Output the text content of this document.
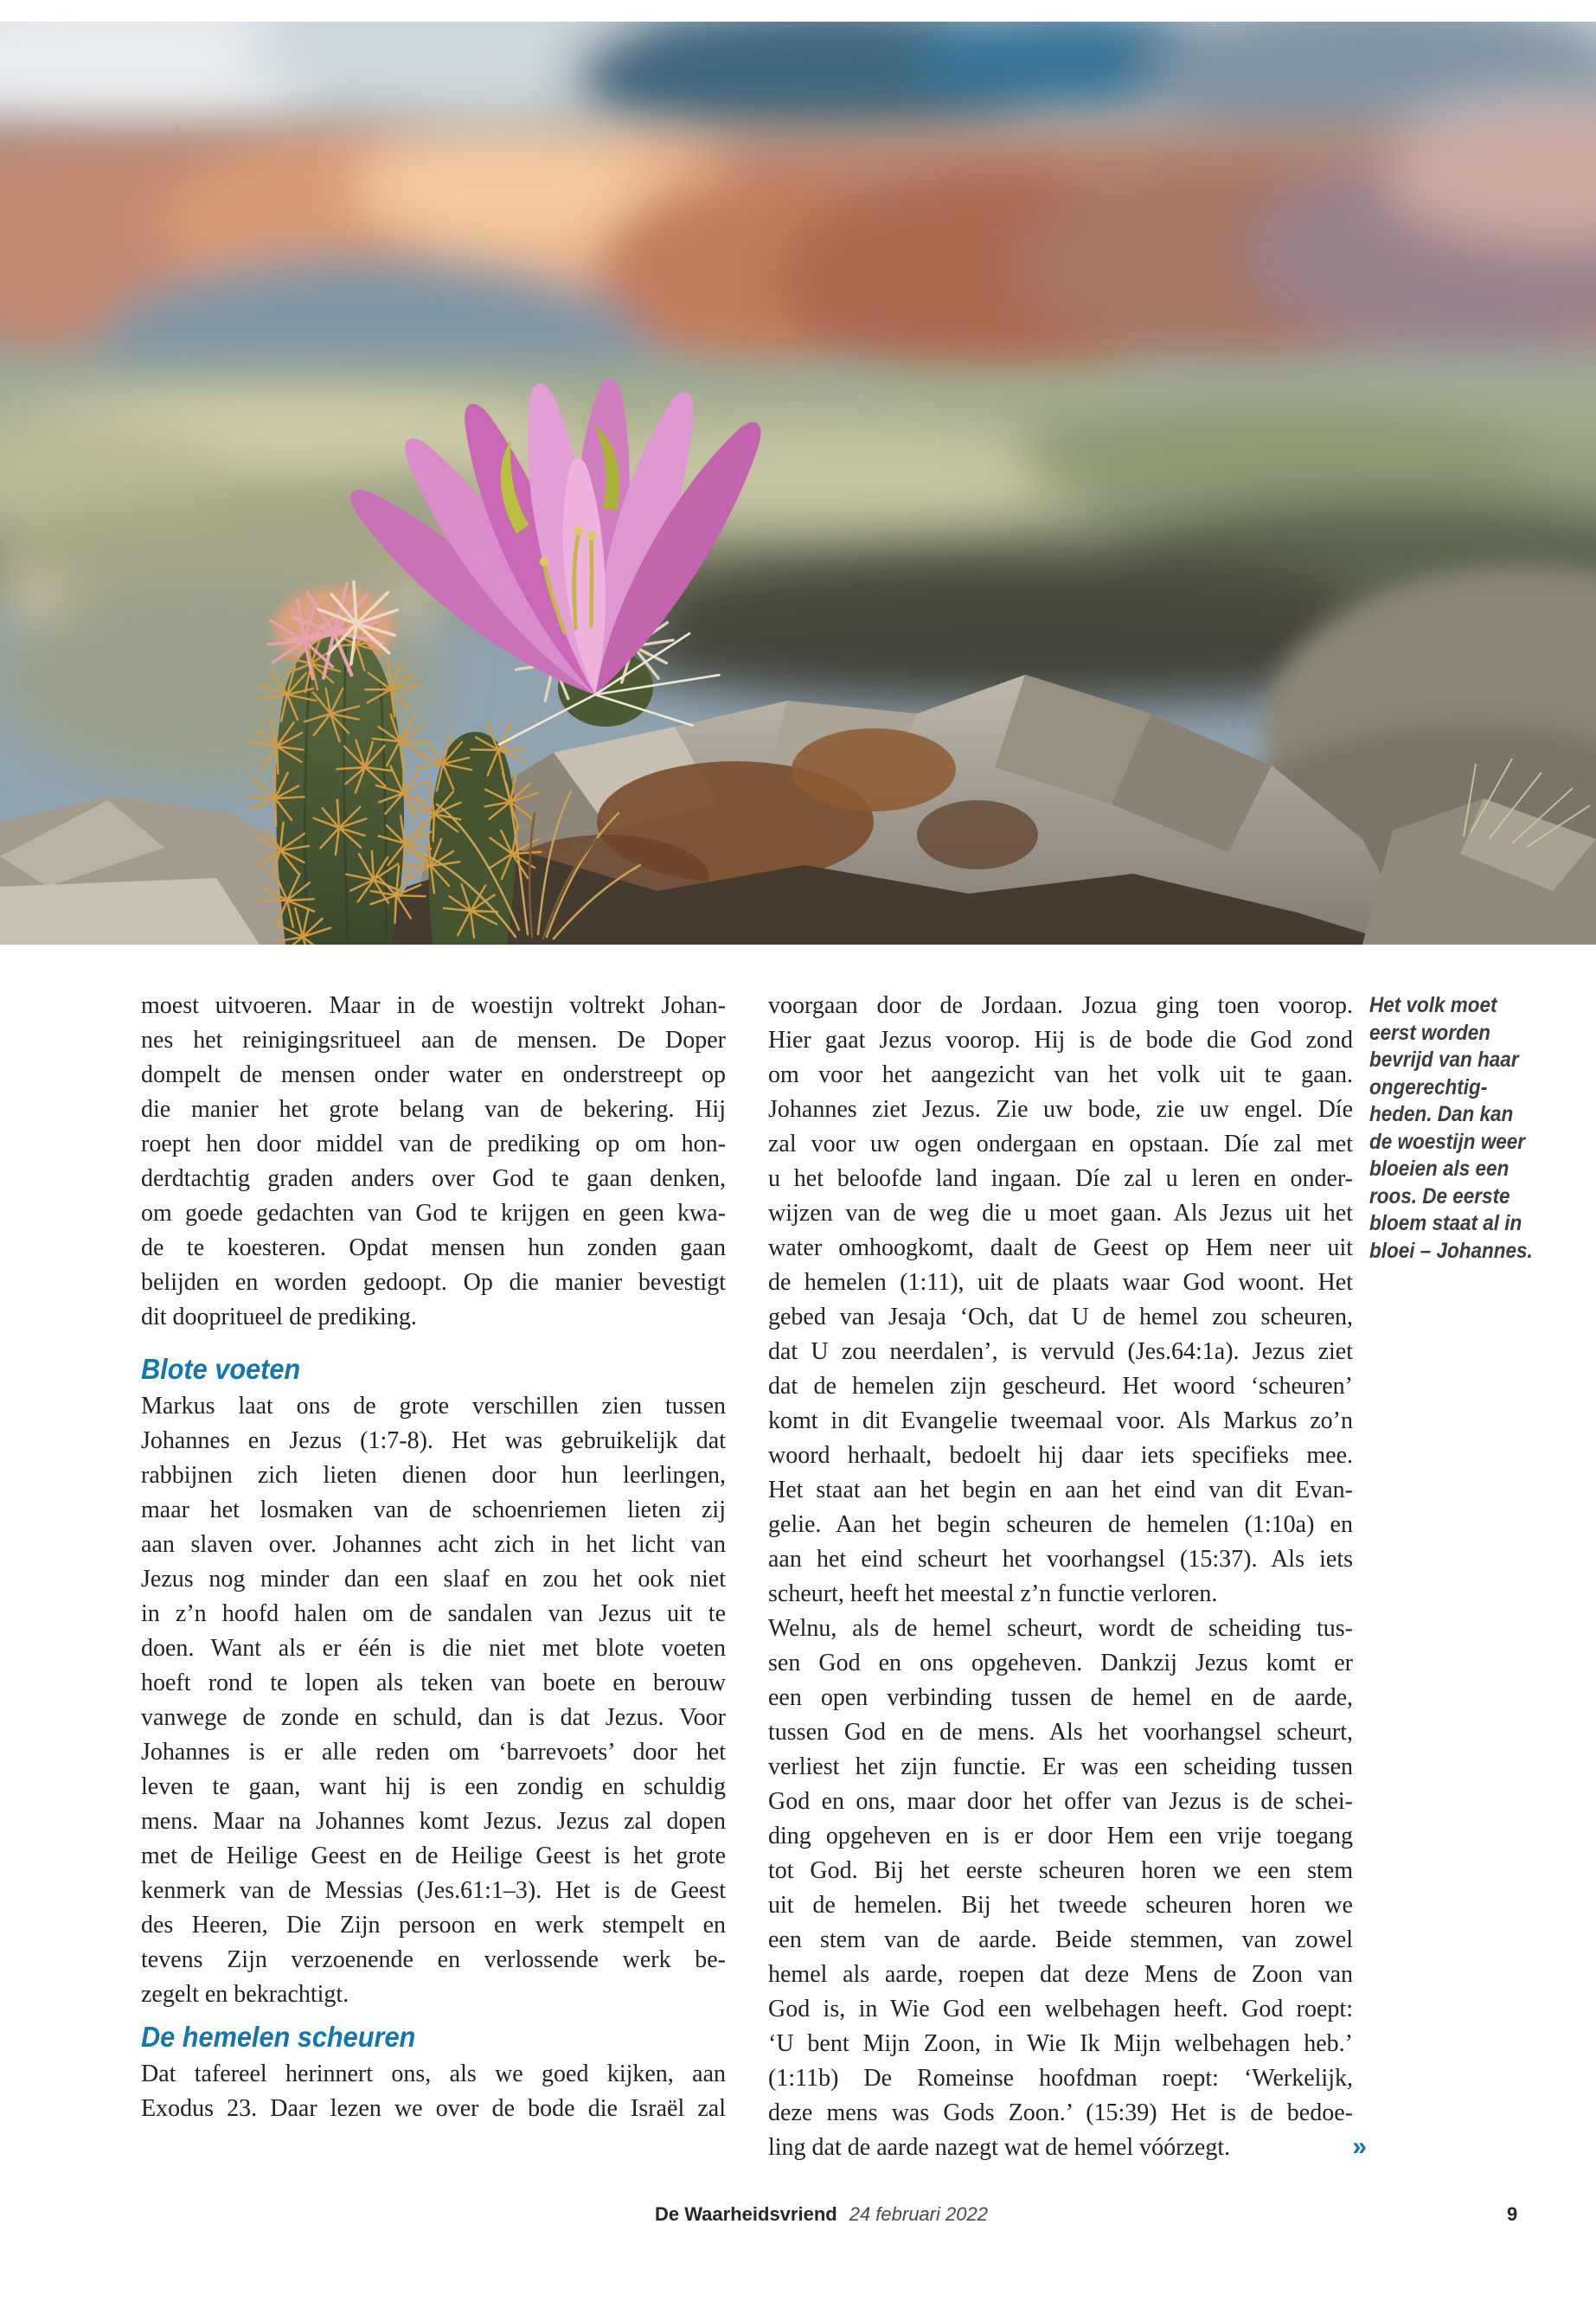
moest uitvoeren. Maar in de woestijn voltrekt Johan-
nes het reinigingsritueel aan de mensen. De Doper
dompelt de mensen onder water en onderstreept op
die manier het grote belang van de bekering. Hij
roept hen door middel van de prediking op om hon-
derdtachtig graden anders over God te gaan denken,
om goede gedachten van God te krijgen en geen kwa-
de te koesteren. Opdat mensen hun zonden gaan
belijden en worden gedoopt. Op die manier bevestigt
dit doopritueel de prediking.
Blote voeten
Markus laat ons de grote verschillen zien tussen
Johannes en Jezus (1:7-8). Het was gebruikelijk dat
rabbijnen zich lieten dienen door hun leerlingen,
maar het losmaken van de schoenriemen lieten zij
aan slaven over. Johannes acht zich in het licht van
Jezus nog minder dan een slaaf en zou het ook niet
in z’n hoofd halen om de sandalen van Jezus uit te
doen. Want als er één is die niet met blote voeten
hoeft rond te lopen als teken van boete en berouw
vanwege de zonde en schuld, dan is dat Jezus. Voor
Johannes is er alle reden om ‘barrevoets’ door het
leven te gaan, want hij is een zondig en schuldig
mens. Maar na Johannes komt Jezus. Jezus zal dopen
met de Heilige Geest en de Heilige Geest is het grote
kenmerk van de Messias (Jes.61:1–3). Het is de Geest
des Heeren, Die Zijn persoon en werk stempelt en
tevens Zijn verzoenende en verlossende werk be-
zegelt en bekrachtigt.
De hemelen scheuren
Dat tafereel herinnert ons, als we goed kijken, aan
Exodus 23. Daar lezen we over de bode die Israël zal
voorgaan door de Jordaan. Jozua ging toen voorop.
Hier gaat Jezus voorop. Hij is de bode die God zond
om voor het aangezicht van het volk uit te gaan.
Johannes ziet Jezus. Zie uw bode, zie uw engel. Díe
zal voor uw ogen ondergaan en opstaan. Díe zal met
u het beloofde land ingaan. Díe zal u leren en onder-
wijzen van de weg die u moet gaan. Als Jezus uit het
water omhoogkomt, daalt de Geest op Hem neer uit
de hemelen (1:11), uit de plaats waar God woont. Het
gebed van Jesaja ‘Och, dat U de hemel zou scheuren,
dat U zou neerdalen’, is vervuld (Jes.64:1a). Jezus ziet
dat de hemelen zijn gescheurd. Het woord ‘scheuren’
komt in dit Evangelie tweemaal voor. Als Markus zo’n
woord herhaalt, bedoelt hij daar iets specifieks mee.
Het staat aan het begin en aan het eind van dit Evan-
gelie. Aan het begin scheuren de hemelen (1:10a) en
aan het eind scheurt het voorhangsel (15:37). Als iets
scheurt, heeft het meestal z’n functie verloren.
»
Welnu, als de hemel scheurt, wordt de scheiding tus-
sen God en ons opgeheven. Dankzij Jezus komt er
een open verbinding tussen de hemel en de aarde,
tussen God en de mens. Als het voorhangsel scheurt,
verliest het zijn functie. Er was een scheiding tussen
God en ons, maar door het offer van Jezus is de schei-
ding opgeheven en is er door Hem een vrije toegang
tot God. Bij het eerste scheuren horen we een stem
uit de hemelen. Bij het tweede scheuren horen we
een stem van de aarde. Beide stemmen, van zowel
hemel als aarde, roepen dat deze Mens de Zoon van
God is, in Wie God een welbehagen heeft. God roept:
‘U bent Mijn Zoon, in Wie Ik Mijn welbehagen heb.’
(1:11b) De Romeinse hoofdman roept: ‘Werkelijk,
deze mens was Gods Zoon.’ (15:39) Het is de bedoe-
ling dat de aarde nazegt wat de hemel vóórzegt.
Het volk moet
eerst worden
bevrijd van haar
ongerechtig-
heden. Dan kan
de woestijn weer
bloeien als een
roos. De eerste
bloem staat al in
bloei – Johannes.
De Waarheidsvriend 24 februari 2022	9
